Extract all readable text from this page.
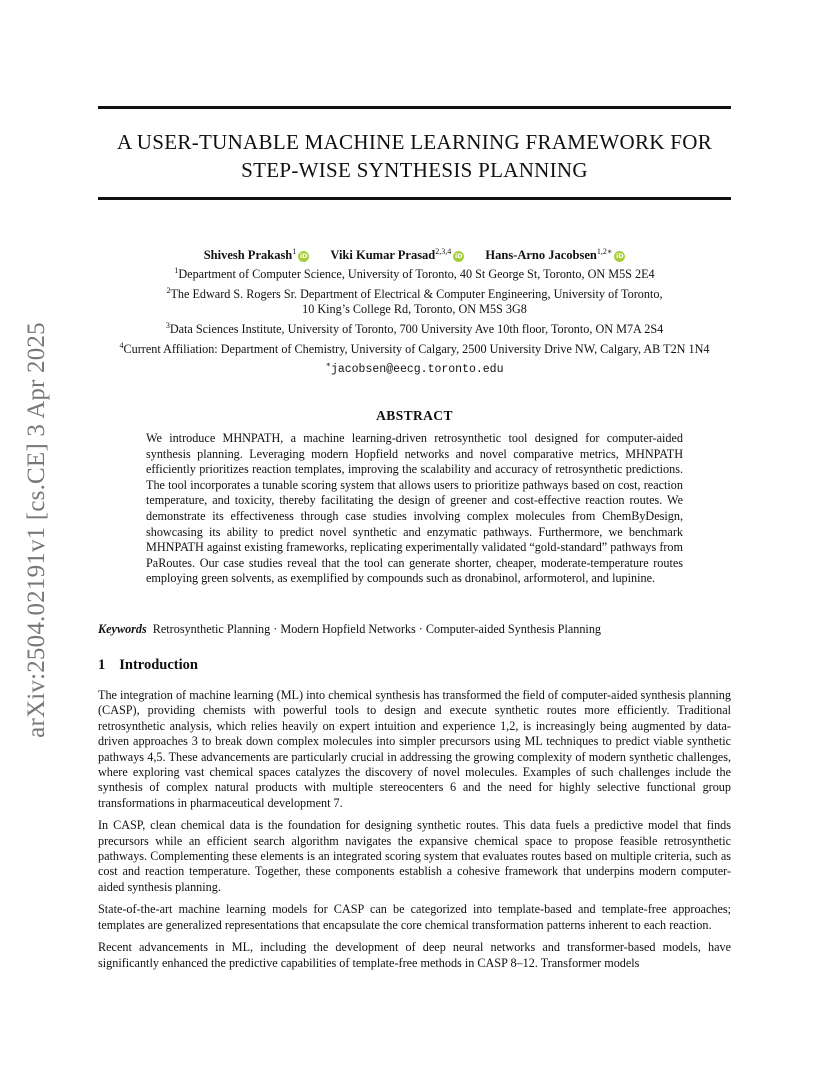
arXiv:2504.02191v1 [cs.CE] 3 Apr 2025
A USER-TUNABLE MACHINE LEARNING FRAMEWORK FOR
STEP-WISE SYNTHESIS PLANNING
Shivesh Prakash$^1$iD Viki Kumar Prasad$^{2,3,4}$iD Hans-Arno Jacobsen$^{1,2∗}$iD
$^1$Department of Computer Science, University of Toronto, 40 St George St, Toronto, ON M5S 2E4
$^2$The Edward S. Rogers Sr. Department of Electrical & Computer Engineering, University of Toronto,
10 King’s College Rd, Toronto, ON M5S 3G8
$^3$Data Sciences Institute, University of Toronto, 700 University Ave 10th floor, Toronto, ON M7A 2S4
$^4$Current Affiliation: Department of Chemistry, University of Calgary, 2500 University Drive NW, Calgary, AB T2N 1N4
∗jacobsen@eecg.toronto.edu
ABSTRACT
We introduce MHNPATH, a machine learning-driven retrosynthetic tool designed for computer-aided synthesis planning. Leveraging modern Hopfield networks and novel comparative metrics, MHNPATH efficiently prioritizes reaction templates, improving the scalability and accuracy of retrosynthetic predictions. The tool incorporates a tunable scoring system that allows users to prioritize pathways based on cost, reaction temperature, and toxicity, thereby facilitating the design of greener and cost-effective reaction routes. We demonstrate its effectiveness through case studies involving complex molecules from ChemByDesign, showcasing its ability to predict novel synthetic and enzymatic pathways. Furthermore, we benchmark MHNPATH against existing frameworks, replicating experimentally validated “gold-standard” pathways from PaRoutes. Our case studies reveal that the tool can generate shorter, cheaper, moderate-temperature routes employing green solvents, as exemplified by compounds such as dronabinol, arformoterol, and lupinine.
Keywords Retrosynthetic Planning · Modern Hopfield Networks · Computer-aided Synthesis Planning
1 Introduction

The integration of machine learning (ML) into chemical synthesis has transformed the field of computer-aided synthesis planning (CASP), providing chemists with powerful tools to design and execute synthetic routes more efficiently. Traditional retrosynthetic analysis, which relies heavily on expert intuition and experience 1,2, is increasingly being augmented by data-driven approaches 3 to break down complex molecules into simpler precursors using ML techniques to predict viable synthetic pathways 4,5. These advancements are particularly crucial in addressing the growing complexity of modern synthetic challenges, where exploring vast chemical spaces catalyzes the discovery of novel molecules. Examples of such challenges include the synthesis of complex natural products with multiple stereocenters 6 and the need for highly selective functional group transformations in pharmaceutical development 7.

In CASP, clean chemical data is the foundation for designing synthetic routes. This data fuels a predictive model that finds precursors while an efficient search algorithm navigates the expansive chemical space to propose feasible retrosynthetic pathways. Complementing these elements is an integrated scoring system that evaluates routes based on multiple criteria, such as cost and reaction temperature. Together, these components establish a cohesive framework that underpins modern computer-aided synthesis planning.

State-of-the-art machine learning models for CASP can be categorized into template-based and template-free approaches; templates are generalized representations that encapsulate the core chemical transformation patterns inherent to each reaction.

Recent advancements in ML, including the development of deep neural networks and transformer-based models, have significantly enhanced the predictive capabilities of template-free methods in CASP 8–12. Transformer models
